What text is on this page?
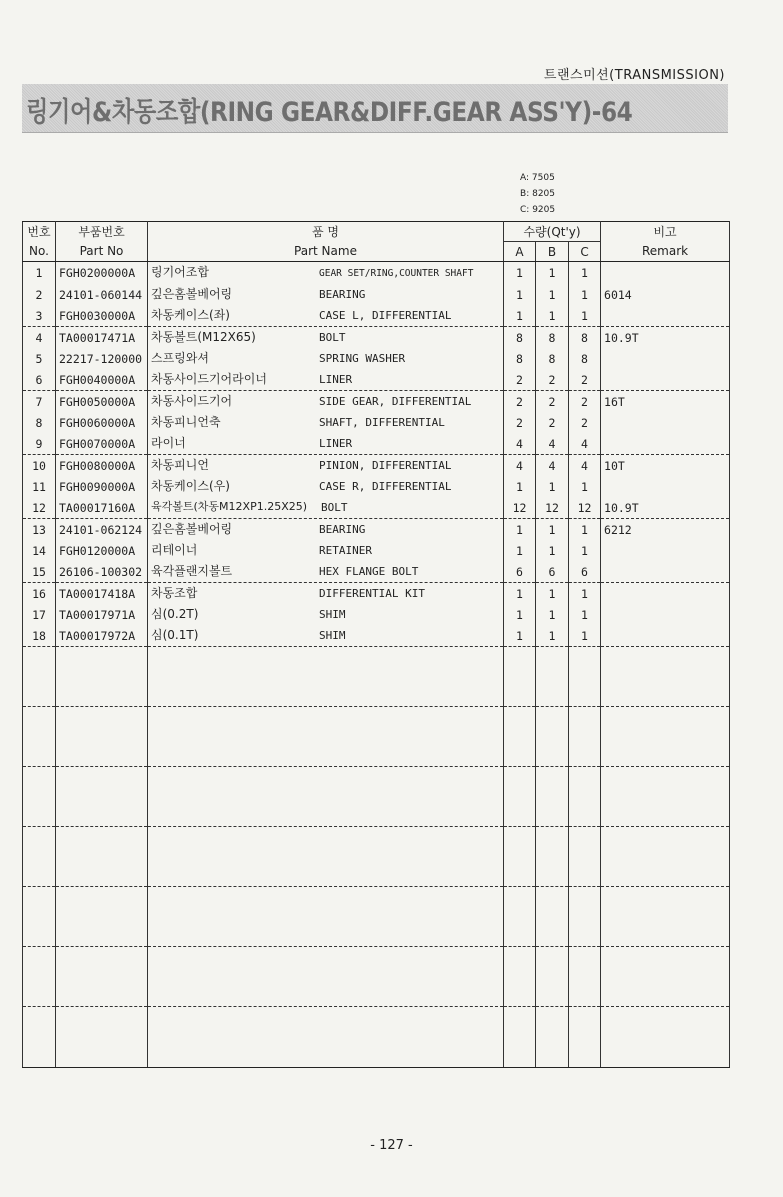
트랜스미션(TRANSMISSION)
링기어&차동조합(RING GEAR&DIFF.GEAR ASS'Y)-64
A: 7505
B: 8205
C: 9205
번호	부품번호	품 명	수량(Qt'y)			비고
No.	Part No	Part Name	A	B	C	Remark
1	FGH0200000A	링기어조합 GEAR SET/RING,COUNTER SHAFT	1	1	1	
2	24101-060144	깊은홈볼베어링 BEARING	1	1	1	6014
3	FGH0030000A	차동케이스(좌) CASE L, DIFFERENTIAL	1	1	1	
4	TA00017471A	차동볼트(M12X65) BOLT	8	8	8	10.9T
5	22217-120000	스프링와셔 SPRING WASHER	8	8	8	
6	FGH0040000A	차동사이드기어라이너 LINER	2	2	2	
7	FGH0050000A	차동사이드기어 SIDE GEAR, DIFFERENTIAL	2	2	2	16T
8	FGH0060000A	차동피니언축 SHAFT, DIFFERENTIAL	2	2	2	
9	FGH0070000A	라이너 LINER	4	4	4	
10	FGH0080000A	차동피니언 PINION, DIFFERENTIAL	4	4	4	10T
11	FGH0090000A	차동케이스(우) CASE R, DIFFERENTIAL	1	1	1	
12	TA00017160A	육각볼트(차동M12XP1.25X25) BOLT	12	12	12	10.9T
13	24101-062124	깊은홈볼베어링 BEARING	1	1	1	6212
14	FGH0120000A	리테이너 RETAINER	1	1	1	
15	26106-100302	육각플랜지볼트 HEX FLANGE BOLT	6	6	6	
16	TA00017418A	차동조합 DIFFERENTIAL KIT	1	1	1	
17	TA00017971A	심(0.2T) SHIM	1	1	1	
18	TA00017972A	심(0.1T) SHIM	1	1	1	

- 127 -
